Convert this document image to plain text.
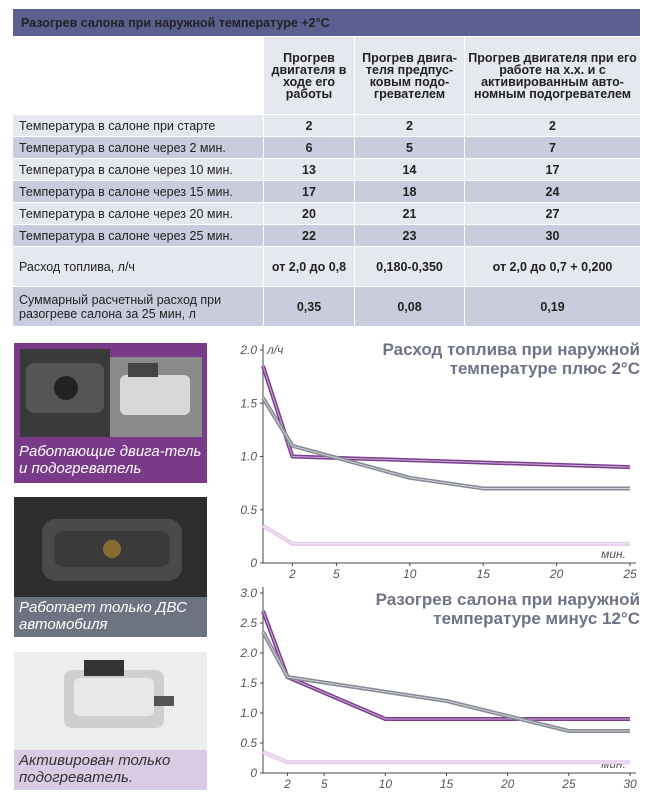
Разогрев салона при наружной температуре +2°C			
	Прогрев двигателя в ходе его работы	Прогрев двига-теля предпус-ковым подо-гревателем	Прогрев двигателя при его работе на х.х. и с активированным авто-номным подогревателем
Температура в салоне при старте	2	2	2
Температура в салоне через 2 мин.	6	5	7
Температура в салоне через 10 мин.	13	14	17
Температура в салоне через 15 мин.	17	18	24
Температура в салоне через 20 мин.	20	21	27
Температура в салоне через 25 мин.	22	23	30
Расход топлива, л/ч	от 2,0 до 0,8	0,180-0,350	от 2,0 до 0,7 + 0,200
Суммарный расчетный расход при разогреве салона за 25 мин, л	0,35	0,08	0,19
Работающие двига-тель и подогреватель
Работает только ДВС автомобиля
Активирован только подогреватель.
Расход топлива при наружной температуре плюс 2°С
Разогрев салона при наружной температуре минус 12°С
0
0.5
1.0
1.5
2.0
2	5	10	15	20	25
л/ч
мин.
0
0.5
1.0
1.5
2.0
2.5
3.0
2	5	10	15	20	25	30
мин.
